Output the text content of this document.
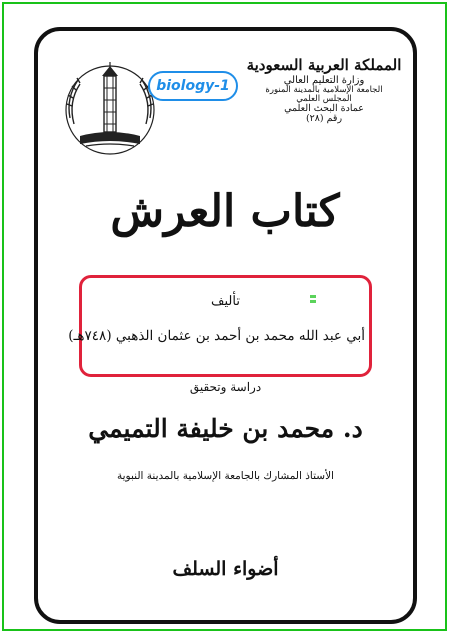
biology-1
المملكة العربية السعودية
وزارة التعليم العالي
الجامعة الإسلامية بالمدينة المنورة
المجلس العلمي
عمادة البحث العلمي
رقم (٢٨)
كتاب العرش
تأليف
أبي عبد الله محمد بن أحمد بن عثمان الذهبي (٧٤٨هـ)
دراسة وتحقيق
د. محمد بن خليفة التميمي
الأستاذ المشارك بالجامعة الإسلامية بالمدينة النبوية
أضواء السلف
